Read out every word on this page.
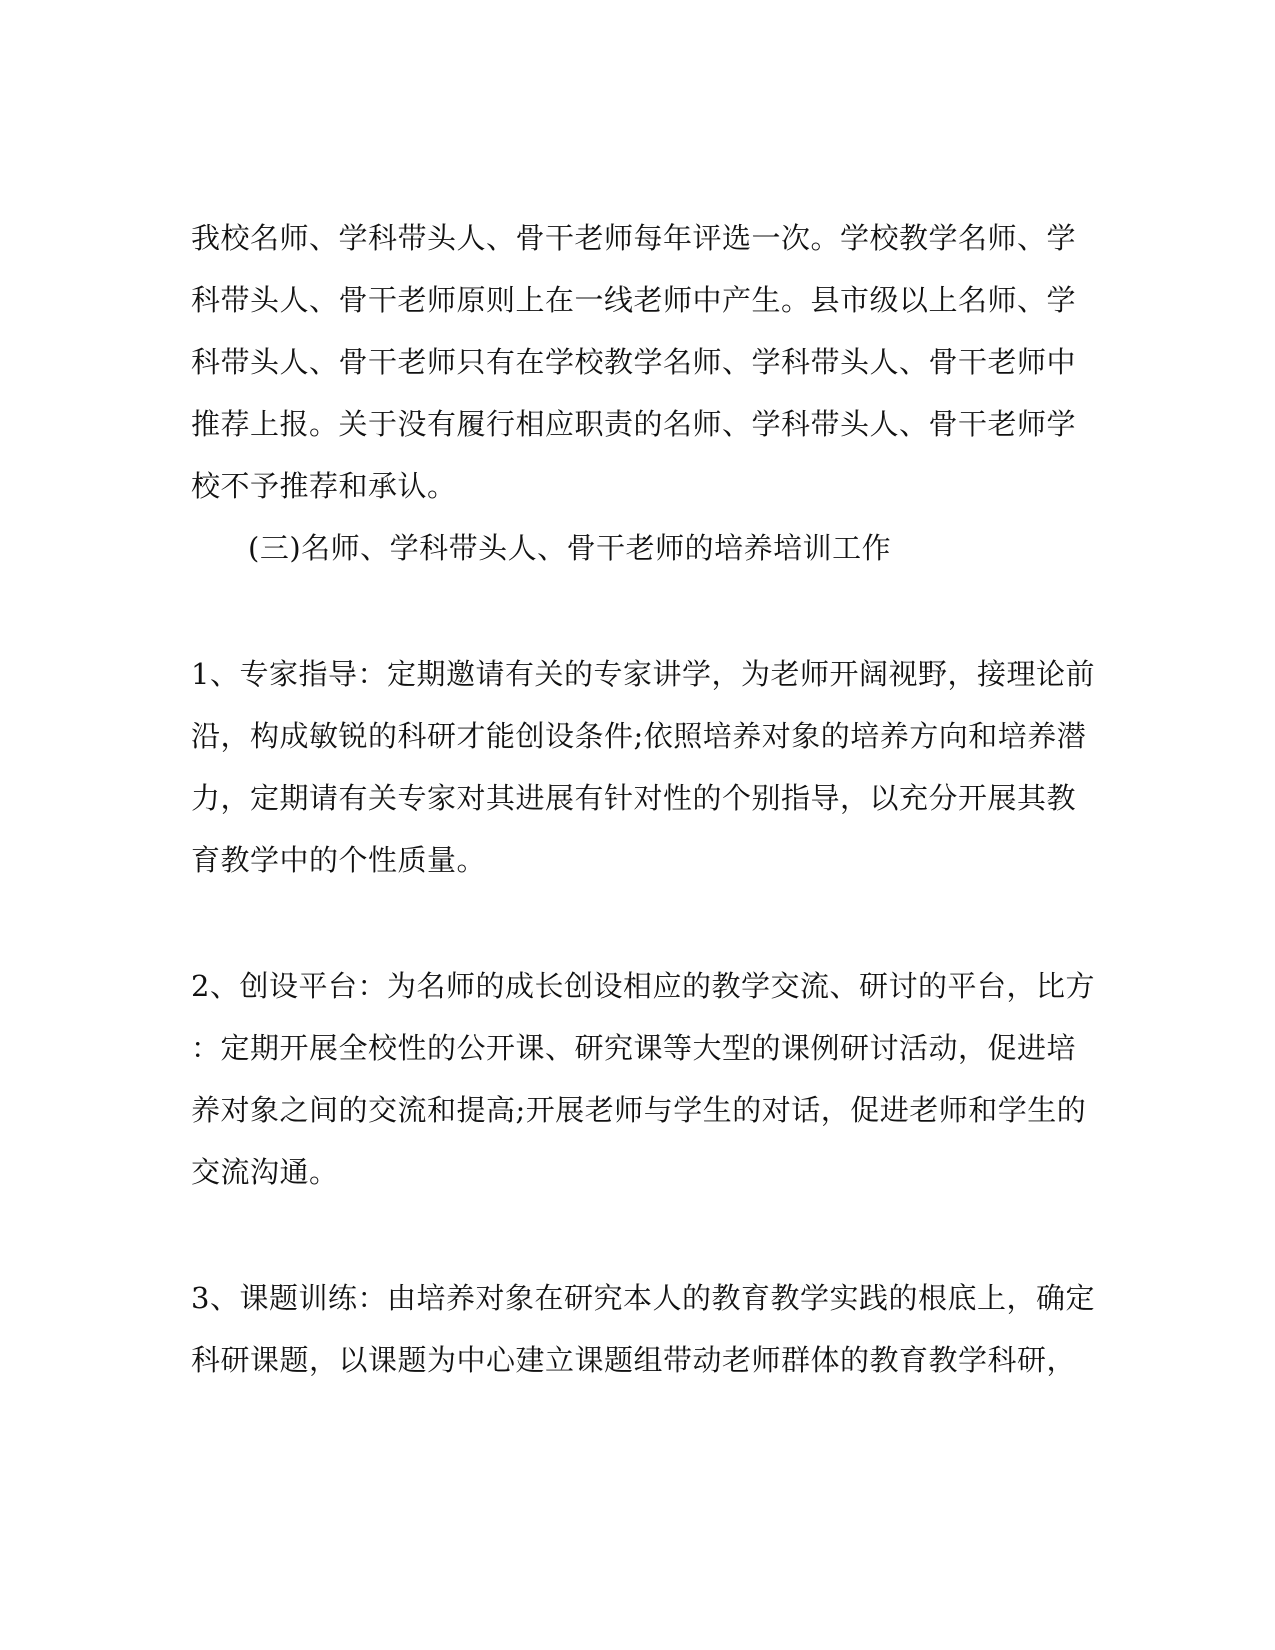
我校名师、学科带头人、骨干老师每年评选一次。学校教学名师、学
科带头人、骨干老师原则上在一线老师中产生。县市级以上名师、学
科带头人、骨干老师只有在学校教学名师、学科带头人、骨干老师中
推荐上报。关于没有履行相应职责的名师、学科带头人、骨干老师学
校不予推荐和承认。
(三)名师、学科带头人、骨干老师的培养培训工作
1、专家指导：定期邀请有关的专家讲学，为老师开阔视野，接理论前
沿，构成敏锐的科研才能创设条件;依照培养对象的培养方向和培养潜
力，定期请有关专家对其进展有针对性的个别指导，以充分开展其教
育教学中的个性质量。
2、创设平台：为名师的成长创设相应的教学交流、研讨的平台，比方
：定期开展全校性的公开课、研究课等大型的课例研讨活动，促进培
养对象之间的交流和提高;开展老师与学生的对话，促进老师和学生的
交流沟通。
3、课题训练：由培养对象在研究本人的教育教学实践的根底上，确定
科研课题，以课题为中心建立课题组带动老师群体的教育教学科研，
